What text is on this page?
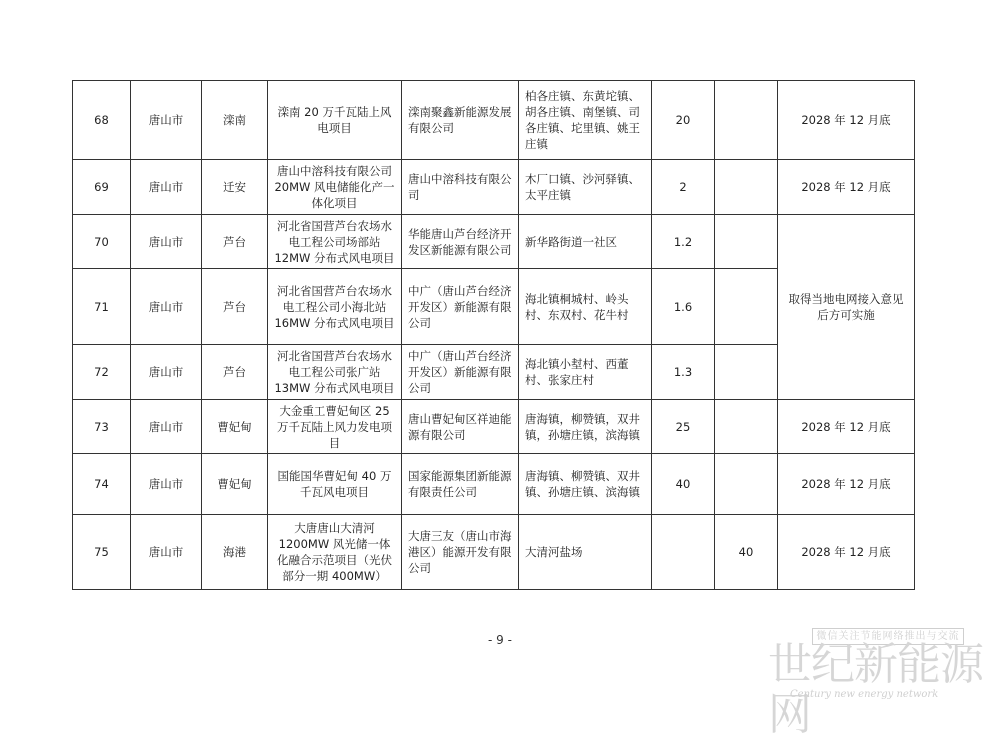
68	唐山市	滦南	滦南 20 万千瓦陆上风电项目	滦南聚鑫新能源发展有限公司	柏各庄镇、东黄坨镇、胡各庄镇、南堡镇、司各庄镇、坨里镇、姚王庄镇	20		2028 年 12 月底
69	唐山市	迁安	唐山中溶科技有限公司 20MW 风电储能化产一体化项目	唐山中溶科技有限公司	木厂口镇、沙河驿镇、太平庄镇	2		2028 年 12 月底
70	唐山市	芦台	河北省国营芦台农场水电工程公司场部站 12MW 分布式风电项目	华能唐山芦台经济开发区新能源有限公司	新华路街道一社区	1.2		取得当地电网接入意见后方可实施
71	唐山市	芦台	河北省国营芦台农场水电工程公司小海北站 16MW 分布式风电项目	中广（唐山芦台经济开发区）新能源有限公司	海北镇桐城村、岭头村、东双村、花牛村	1.6		
72	唐山市	芦台	河北省国营芦台农场水电工程公司张广站 13MW 分布式风电项目	中广（唐山芦台经济开发区）新能源有限公司	海北镇小堼村、西董村、张家庄村	1.3		
73	唐山市	曹妃甸	大金重工曹妃甸区 25 万千瓦陆上风力发电项目	唐山曹妃甸区祥迪能源有限公司	唐海镇，柳赞镇，双井镇，孙塘庄镇，滨海镇	25		2028 年 12 月底
74	唐山市	曹妃甸	国能国华曹妃甸 40 万千瓦风电项目	国家能源集团新能源有限责任公司	唐海镇、柳赞镇、双井镇、孙塘庄镇、滨海镇	40		2028 年 12 月底
75	唐山市	海港	大唐唐山大清河 1200MW 风光储一体化融合示范项目（光伏部分一期 400MW）	大唐三友（唐山市海港区）能源开发有限公司	大清河盐场		40	2028 年 12 月底
- 9 -	微信关注节能网络推出与交流
世纪新能源网
Century new energy network
